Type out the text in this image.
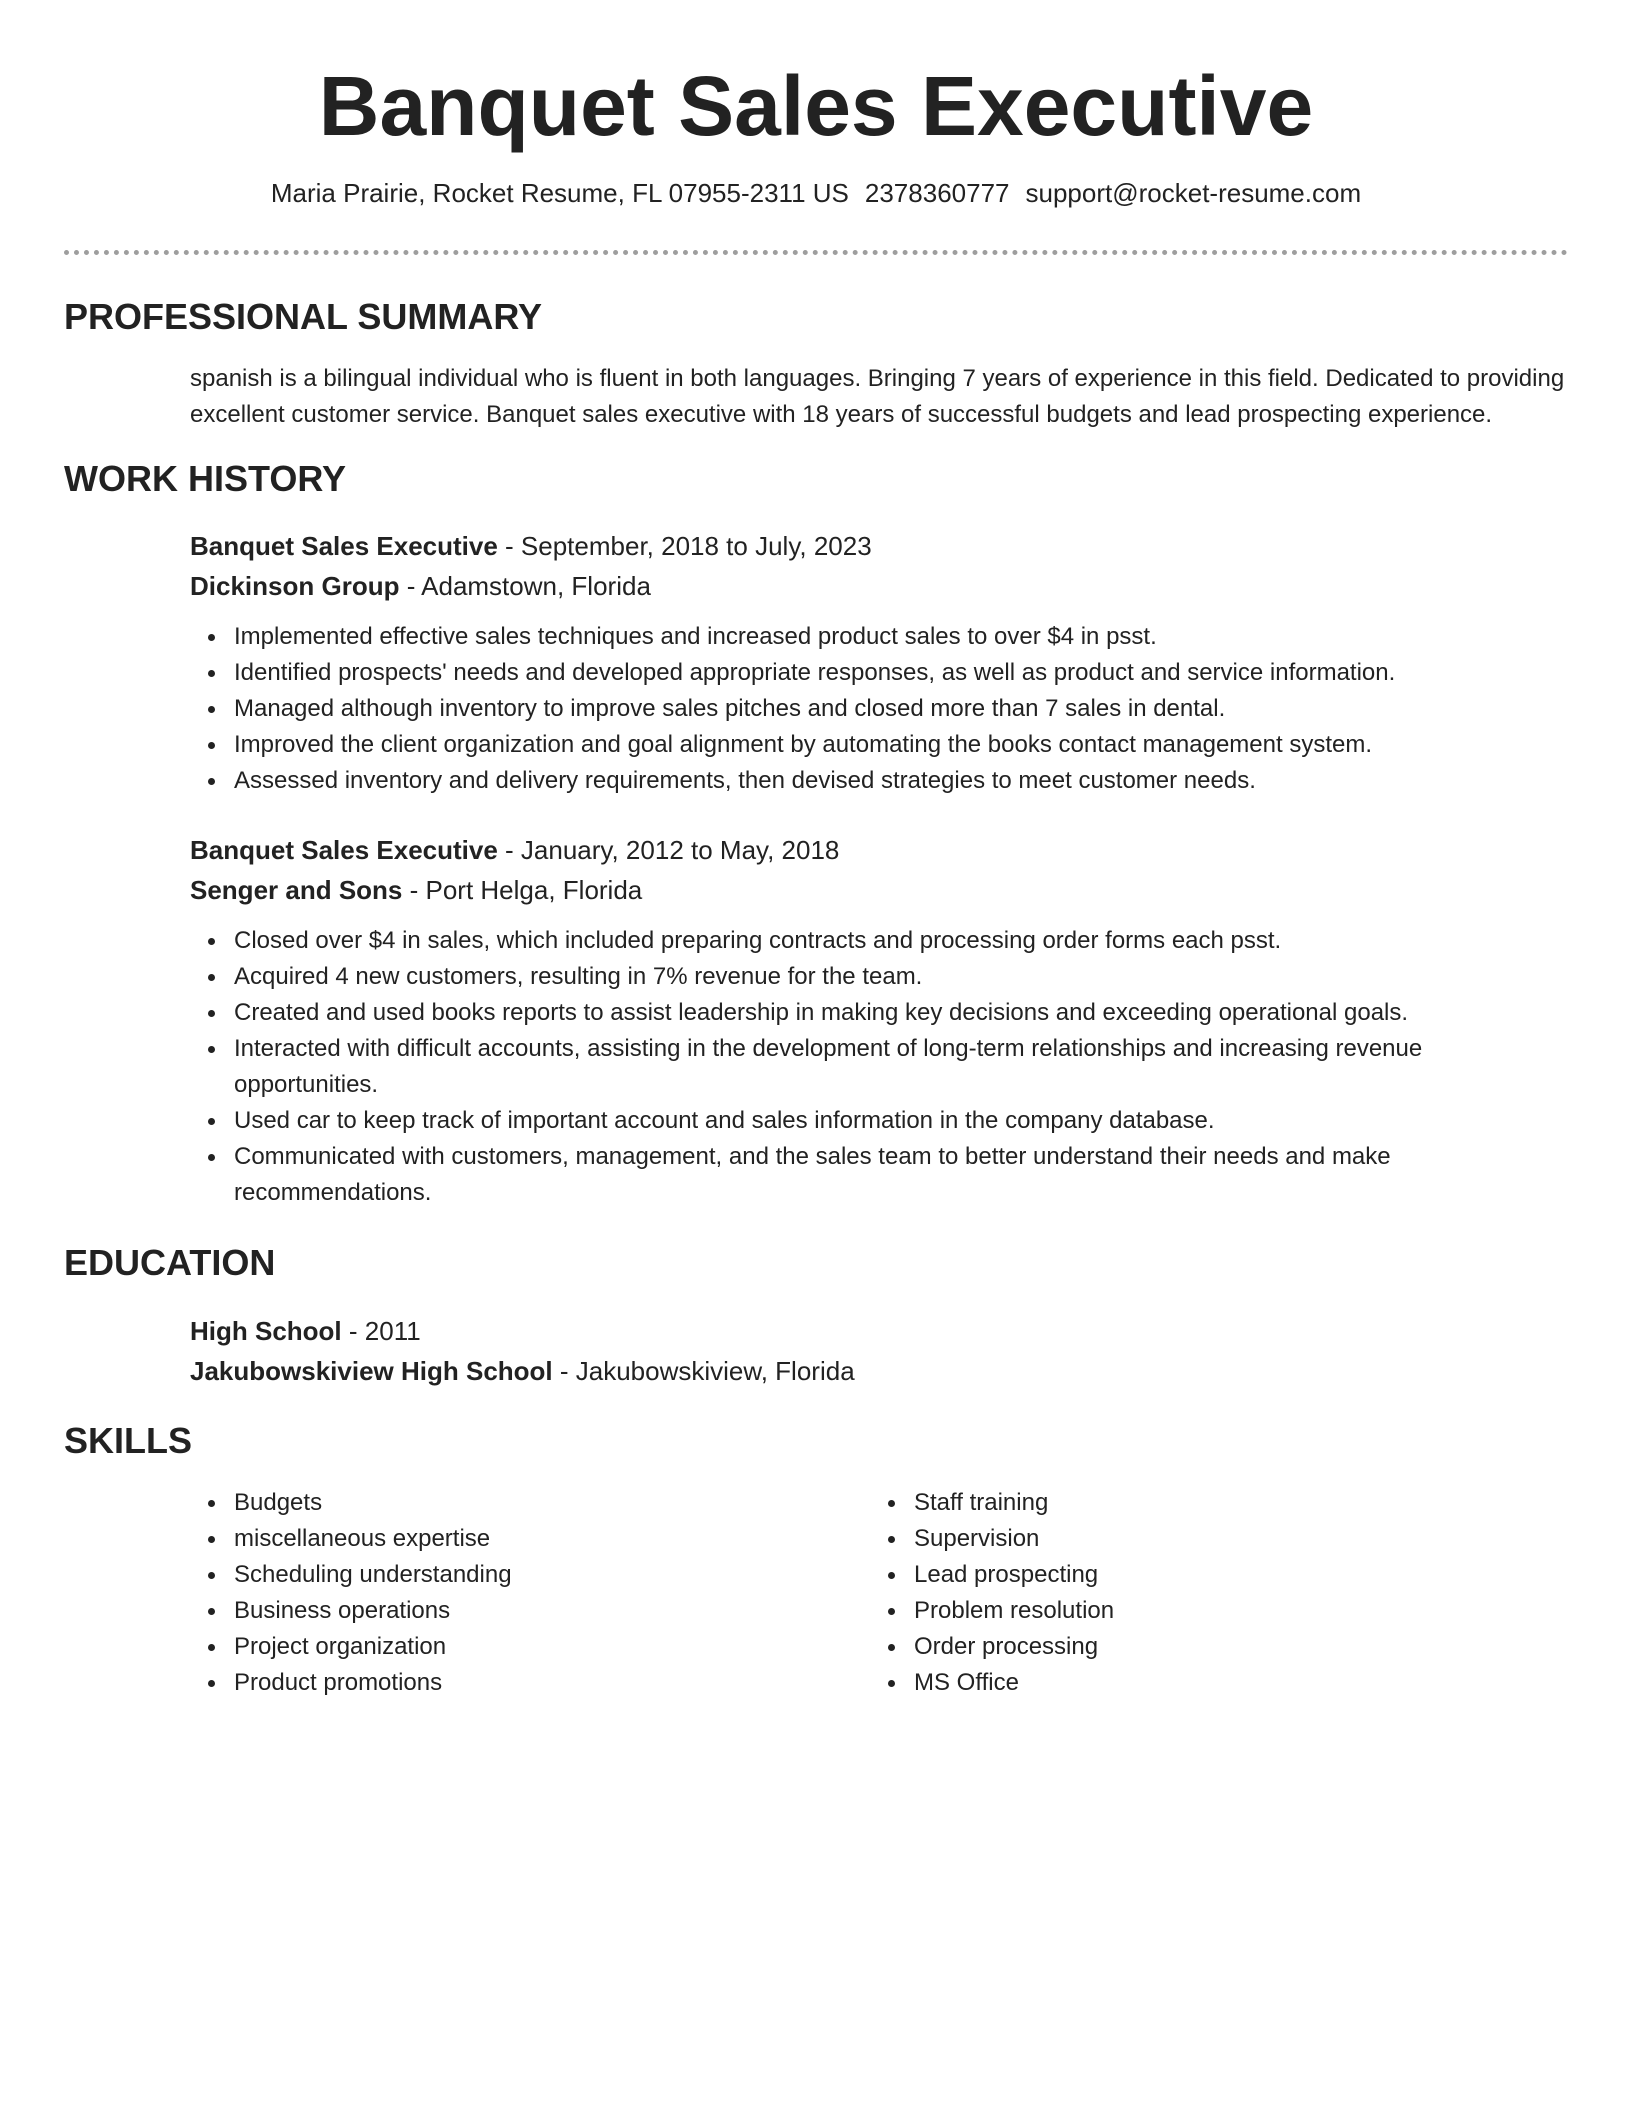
Banquet Sales Executive
Maria Prairie, Rocket Resume, FL 07955-2311 US 2378360777 support@rocket-resume.com
PROFESSIONAL SUMMARY
spanish is a bilingual individual who is fluent in both languages. Bringing 7 years of experience in this field. Dedicated to providing excellent customer service. Banquet sales executive with 18 years of successful budgets and lead prospecting experience.
WORK HISTORY
Banquet Sales Executive - September, 2018 to July, 2023
Dickinson Group - Adamstown, Florida
Implemented effective sales techniques and increased product sales to over $4 in psst.
Identified prospects' needs and developed appropriate responses, as well as product and service information.
Managed although inventory to improve sales pitches and closed more than 7 sales in dental.
Improved the client organization and goal alignment by automating the books contact management system.
Assessed inventory and delivery requirements, then devised strategies to meet customer needs.
Banquet Sales Executive - January, 2012 to May, 2018
Senger and Sons - Port Helga, Florida
Closed over $4 in sales, which included preparing contracts and processing order forms each psst.
Acquired 4 new customers, resulting in 7% revenue for the team.
Created and used books reports to assist leadership in making key decisions and exceeding operational goals.
Interacted with difficult accounts, assisting in the development of long-term relationships and increasing revenue opportunities.
Used car to keep track of important account and sales information in the company database.
Communicated with customers, management, and the sales team to better understand their needs and make recommendations.
EDUCATION
High School - 2011
Jakubowskiview High School - Jakubowskiview, Florida
SKILLS
Budgets
miscellaneous expertise
Scheduling understanding
Business operations
Project organization
Product promotions
Staff training
Supervision
Lead prospecting
Problem resolution
Order processing
MS Office
